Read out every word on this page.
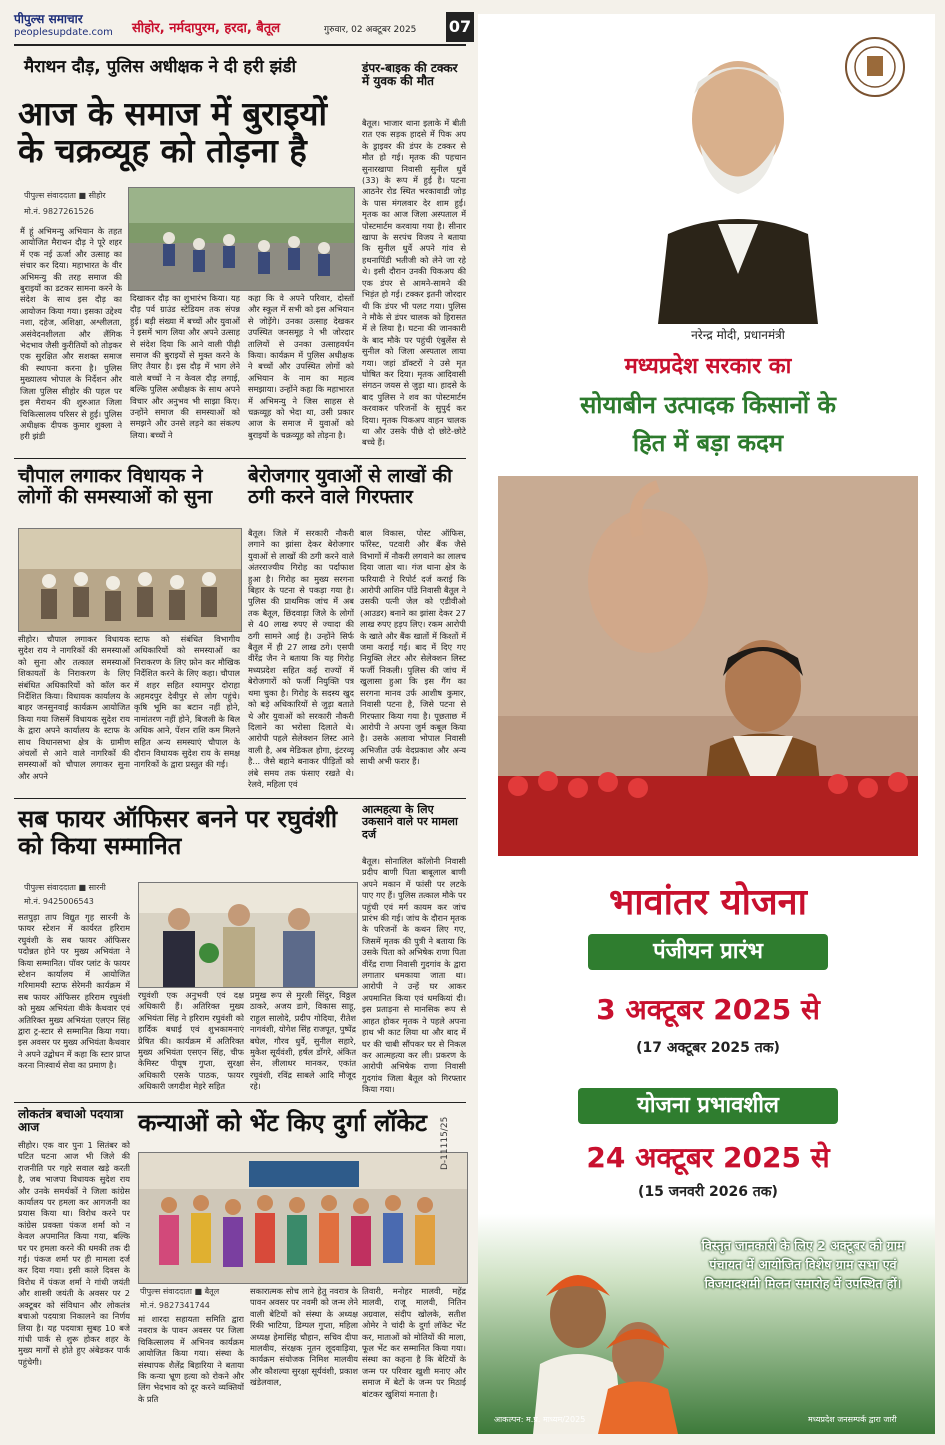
पीपुल्स समाचार
peoplesupdate.com	सीहोर, नर्मदापुरम, हरदा, बैतूल	गुरुवार, 02 अक्टूबर 2025 07
मैराथन दौड़, पुलिस अधीक्षक ने दी हरी झंडी
आज के समाज में बुराइयों के चक्रव्यूह को तोड़ना है
पीपुल्स संवाददाता ■ सीहोर
मो.नं. 9827261526
मैं हूं अभिमन्यु अभियान के तहत आयोजित मैराथन दौड़ ने पूरे शहर में एक नई ऊर्जा और उत्साह का संचार कर दिया। महाभारत के वीर अभिमन्यु की तरह समाज की बुराइयों का डटकर सामना करने के संदेश के साथ इस दौड़ का आयोजन किया गया। इसका उद्देश्य नशा, दहेज, अशिक्षा, अश्लीलता, असंवेदनशीलता और लैंगिक भेदभाव जैसी कुरीतियों को तोड़कर एक सुरक्षित और सशक्त समाज की स्थापना करना है। पुलिस मुख्यालय भोपाल के निर्देशन और जिला पुलिस सीहोर की पहल पर इस मैराथन की शुरुआत जिला चिकित्सालय परिसर से हुई। पुलिस अधीक्षक दीपक कुमार शुक्ला ने हरी झंडी
दिखाकर दौड़ का शुभारंभ किया। यह दौड़ पर्व ग्राउंड स्टेडियम तक संपन्न हुई। बड़ी संख्या में बच्चों और युवाओं ने इसमें भाग लिया और अपने उत्साह से संदेश दिया कि आने वाली पीढ़ी समाज की बुराइयों से मुक्त करने के लिए तैयार है। इस दौड़ में भाग लेने वाले बच्चों ने न केवल दौड़ लगाई, बल्कि पुलिस अधीक्षक के साथ अपने विचार और अनुभव भी साझा किए। उन्होंने समाज की समस्याओं को समझने और उनसे लड़ने का संकल्प लिया। बच्चों ने
कहा कि वे अपने परिवार, दोस्तों और स्कूल में सभी को इस अभियान से जोड़ेंगे। उनका उत्साह देखकर उपस्थित जनसमूह ने भी जोरदार तालियों से उनका उत्साहवर्धन किया। कार्यक्रम में पुलिस अधीक्षक ने बच्चों और उपस्थित लोगों को अभियान के नाम का महत्व समझाया। उन्होंने कहा कि महाभारत में अभिमन्यु ने जिस साहस से चक्रव्यूह को भेदा था, उसी प्रकार आज के समाज में युवाओं को बुराइयों के चक्रव्यूह को तोड़ना है।
डंपर-बाइक की टक्कर में युवक की मौत
बैतूल। भाजार थाना इलाके में बीती रात एक सड़क हादसे में पिक अप के ड्राइवर की डंपर के टक्कर से मौत हो गई। मृतक की पहचान सुनारखापा निवासी सुनील धुर्वे (33) के रूप में हुई है। पटना आठनेर रोड स्थित भरकावाडी जोड़ के पास मंगलवार देर शाम हुई। मृतक का आज जिला अस्पताल में पोस्टमार्टम करवाया गया है। सीनार खापा के सरपंच विजय ने बताया कि सुनील धुर्वे अपने गांव से हथनापिंडी भतीजी को लेने जा रहे थे। इसी दौरान उनकी पिकअप की एक डंपर से आमने-सामने की भिड़ंत हो गई। टक्कर इतनी जोरदार थी कि डंपर भी पलट गया। पुलिस ने मौके से डंपर चालक को हिरासत में ले लिया है। घटना की जानकारी के बाद मौके पर पहुंची एंबुलेंस से सुनील को जिला अस्पताल लाया गया। जहां डॉक्टरों ने उसे मृत घोषित कर दिया। मृतक आदिवासी संगठन जयस से जुड़ा था। हादसे के बाद पुलिस ने शव का पोस्टमार्टम करवाकर परिजनों के सुपुर्द कर दिया। मृतक पिकअप वाहन चालक था और उसके पीछे दो छोटे-छोटे बच्चे हैं।
चौपाल लगाकर विधायक ने लोगों की समस्याओं को सुना
सीहोर। चौपाल लगाकर विधायक सुदेश राय ने नागरिकों की समस्याओं को सुना और तत्काल समस्याओं शिकायतों के निराकरण के लिए संबंधित अधिकारियों को कॉल कर निर्देशित किया। विधायक कार्यालय के बाहर जनसुनवाई कार्यक्रम आयोजित किया गया जिसमें विधायक सुदेश राय के द्वारा अपने कार्यालय के स्टाफ के साथ विधानसभा क्षेत्र के ग्रामीण अंचलों से आने वाले नागरिकों की समस्याओं को चौपाल लगाकर सुना और अपने
स्टाफ को संबंधित विभागीय अधिकारियों को समस्याओं का निराकरण के लिए फ़ोन कर मौखिक निर्देशित करने के लिए कहा। चौपाल में शहर सहित श्यामपुर दोराहा अहमदपुर देवीपुर से लोग पहुंचे। कृषि भूमि का बटान नहीं होने, नामांतरण नहीं होने, बिजली के बिल अधिक आने, पेंशन राशि कम मिलने सहित अन्य समस्याएं चौपाल के दौरान विधायक सुदेश राय के समक्ष नागरिकों के द्वारा प्रस्तुत की गई।
बेरोजगार युवाओं से लाखों की ठगी करने वाले गिरफ्तार
बैतूल। जिले में सरकारी नौकरी लगाने का झांसा देकर बेरोजगार युवाओं से लाखों की ठगी करने वाले अंतरराज्यीय गिरोह का पर्दाफाश हुआ है। गिरोह का मुख्य सरगना बिहार के पटना से पकड़ा गया है। पुलिस की प्राथमिक जांच में अब तक बैतूल, छिंदवाड़ा जिले के लोगों से 40 लाख रुपए से ज्यादा की ठगी सामने आई है। उन्होंने सिर्फ बैतूल में ही 27 लाख ठगे। एसपी वीरेंद्र जैन ने बताया कि यह गिरोह मध्यप्रदेश सहित कई राज्यों में बेरोजगारों को फर्जी नियुक्ति पत्र थमा चुका है। गिरोह के सदस्य खुद को बड़े अधिकारियों से जुड़ा बताते थे और युवाओं को सरकारी नौकरी दिलाने का भरोसा दिलाते थे। आरोपी पहले सेलेक्शन लिस्ट आने वाली है, अब मेडिकल होगा, इंटरव्यू है... जैसे बहाने बनाकर पीड़ितों को लंबे समय तक फंसाए रखते थे। रेलवे, महिला एवं
बाल विकास, पोस्ट ऑफिस, फॉरेस्ट, पटवारी और बैंक जैसे विभागों में नौकरी लगवाने का लालच दिया जाता था। गंज थाना क्षेत्र के फरियादी ने रिपोर्ट दर्ज कराई कि आरोपी आशिन पाँडे निवासी बैतूल ने उसकी पत्नी जेल को एडीवीओ (आउडर) बनाने का झांसा देकर 27 लाख रुपए हड़प लिए। रकम आरोपी के खाते और बैंक खातों में किश्तों में जमा कराई गई। बाद में दिए गए नियुक्ति लेटर और सेलेक्शन लिस्ट फर्जी निकली। पुलिस की जांच में खुलासा हुआ कि इस गैंग का सरगना मानव उर्फ आशीष कुमार, निवासी पटना है, जिसे पटना से गिरफ्तार किया गया है। पूछताछ में आरोपी ने अपना जुर्म कबूल किया है। उसके अलावा भोपाल निवासी अभिजीत उर्फ वेदप्रकाश और अन्य साथी अभी फरार हैं।
सब फायर ऑफिसर बनने पर रघुवंशी को किया सम्मानित
पीपुल्स संवाददाता ■ सारनी
मो.नं. 9425006543
सतपुड़ा ताप विद्युत गृह सारनी के फायर स्टेशन में कार्यरत हरिराम रघुवंशी के सब फायर ऑफिसर पदोन्नत होने पर मुख्य अभियंता ने किया सम्मानित। पॉवर प्लांट के फायर स्टेशन कार्यालय में आयोजित गरिमामयी स्टाफ सेरेमनी कार्यक्रम में सब फायर ऑफिसर हरिराम रघुवंशी को मुख्य अभियंता वीके कैथवार एवं अतिरिक्त मुख्य अभियंता एलएन सिंह द्वारा ट्र-स्टार से सम्मानित किया गया। इस अवसर पर मुख्य अभियंता कैथवार ने अपने उद्बोधन में कहा कि स्टार प्राप्त करना निःस्वार्थ सेवा का प्रमाण है।
रघुवंशी एक अनुभवी एवं दक्ष अधिकारी हैं। अतिरिक्त मुख्य अभियंता सिंह ने हरिराम रघुवंशी को हार्दिक बधाई एवं शुभकामनाएं प्रेषित की। कार्यक्रम में अतिरिक्त मुख्य अभियंता एसएन सिंह, चीफ केमिस्ट पीयूष गुप्ता, सुरक्षा अधिकारी एसके पाठक, फायर अधिकारी जगदीश मेहरे सहित
प्रमुख रूप से मुरली सिंदुर, विठ्ठल ठाकरे, अजय डागे, विकास साहू, राहुल सालोदे, प्रदीप गोदिया, रीतेश नागवंशी, योगेश सिंह राजपूत, पुष्पेंद्र बघेल, गौरव धुर्वे, सुनील सहारे, मुकेश सूर्यवंशी, हर्षल डोंगरे, अंकित सेन, लीलाधर मानकर, एकांत रघुवंशी, रविंद्र साबले आदि मौजूद रहे।
आत्महत्या के लिए उकसाने वाले पर मामला दर्ज
बैतूल। सोनालिल कॉलोनी निवासी प्रदीप बाणी पिता बाबूलाल बाणी अपने मकान में फांसी पर लटके पाए गए हैं। पुलिस तत्काल मौके पर पहुंची एवं मर्ग कायम कर जांच प्रारंभ की गई। जांच के दौरान मृतक के परिजनों के कथन लिए गए, जिसमें मृतक की पुत्री ने बताया कि उसके पिता को अभिषेक राणा पिता वीरेंद्र राणा निवासी गुदगांव के द्वारा लगातार धमकाया जाता था। आरोपी ने उन्हें घर आकर अपमानित किया एवं धमकियां दी। इस प्रताड़ना से मानसिक रूप से आहत होकर मृतक ने पहले अपना हाथ भी काट लिया था और बाद में घर की चाबी सौंपकर घर से निकल कर आत्महत्या कर ली। प्रकरण के आरोपी अभिषेक राणा निवासी गुदगांव जिला बैतूल को गिरफ्तार किया गया।
लोकतंत्र बचाओ पदयात्रा आज
सीहोर। एक वार पुनः 1 सितंबर को घटित घटना आज भी जिले की राजनीति पर गहरे सवाल खड़े करती है, जब भाजपा विधायक सुदेश राय और उनके समर्थकों ने जिला कांग्रेस कार्यालय पर हमला कर आगजनी का प्रयास किया था। विरोध करने पर कांग्रेस प्रवक्ता पंकज शर्मा को न केवल अपमानित किया गया, बल्कि घर पर हमला करने की धमकी तक दी गई। पंकज शर्मा पर ही मामला दर्ज कर दिया गया। इसी काले दिवस के विरोध में पंकज शर्मा ने गांधी जयंती और शास्त्री जयंती के अवसर पर 2 अक्टूबर को संविधान और लोकतंत्र बचाओ पदयात्रा निकालने का निर्णय लिया है। यह पदयात्रा सुबह 10 बजे गांधी पार्क से शुरू होकर शहर के मुख्य मार्गों से होते हुए अंबेडकर पार्क पहुंचेगी।
कन्याओं को भेंट किए दुर्गा लॉकेट
पीपुल्स संवाददाता ■ बैतूल
मो.नं. 9827341744
मां शारदा सहायता समिति द्वारा नवरात्र के पावन अवसर पर जिला चिकित्सालय में अभिनव कार्यक्रम आयोजित किया गया। संस्था के संस्थापक शैलेंद्र बिहारिया ने बताया कि कन्या भ्रूण हत्या को रोकने और लिंग भेदभाव को दूर करने व्यक्तियों के प्रति
सकारात्मक सोच लाने हेतु नवरात्र के पावन अवसर पर नवमी को जन्म लेने वाली बेटियों को संस्था के अध्यक्ष रिंकी भाटिया, डिम्पल गुप्ता, महिला अध्यक्ष हेमासिंह चौहान, सचिव दीपा मालवीय, संरक्षक नूतन लूदवाड़िया, कार्यक्रम संयोजक निमिश मालवीय और कौशल्या सुरक्षा सूर्यवंशी, प्रकाश खंडेलवाल,
तिवारी, मनोहर मालवी, महेंद्र मालवी, राजू मालवी, नितिन अग्रवाल, संदीप खोलके, सतीश ओमेर ने चांदी के दुर्गा लॉकेट भेंट कर, माताओं को मोतियों की माला, फूल भेंट कर सम्मानित किया गया। संस्था का कहना है कि बेटियों के जन्म पर परिवार खुशी मनाए और समाज में बेटों के जन्म पर मिठाई बांटकर खुशियां मनाता है।
D-11115/25
नरेन्द्र मोदी, प्रधानमंत्री
मध्यप्रदेश सरकार का
सोयाबीन उत्पादक किसानों के
हित में बड़ा कदम
भावांतर योजना
पंजीयन प्रारंभ
3 अक्टूबर 2025 से
(17 अक्टूबर 2025 तक)
योजना प्रभावशील
24 अक्टूबर 2025 से
(15 जनवरी 2026 तक)
विस्तृत जानकारी के लिए 2 अक्टूबर को ग्राम पंचायत में आयोजित विशेष ग्राम सभा एवं विजयादशमी मिलन समारोह में उपस्थित हों।
आकल्पन: म.प्र. माध्यम/2025	मध्यप्रदेश जनसम्पर्क द्वारा जारी
